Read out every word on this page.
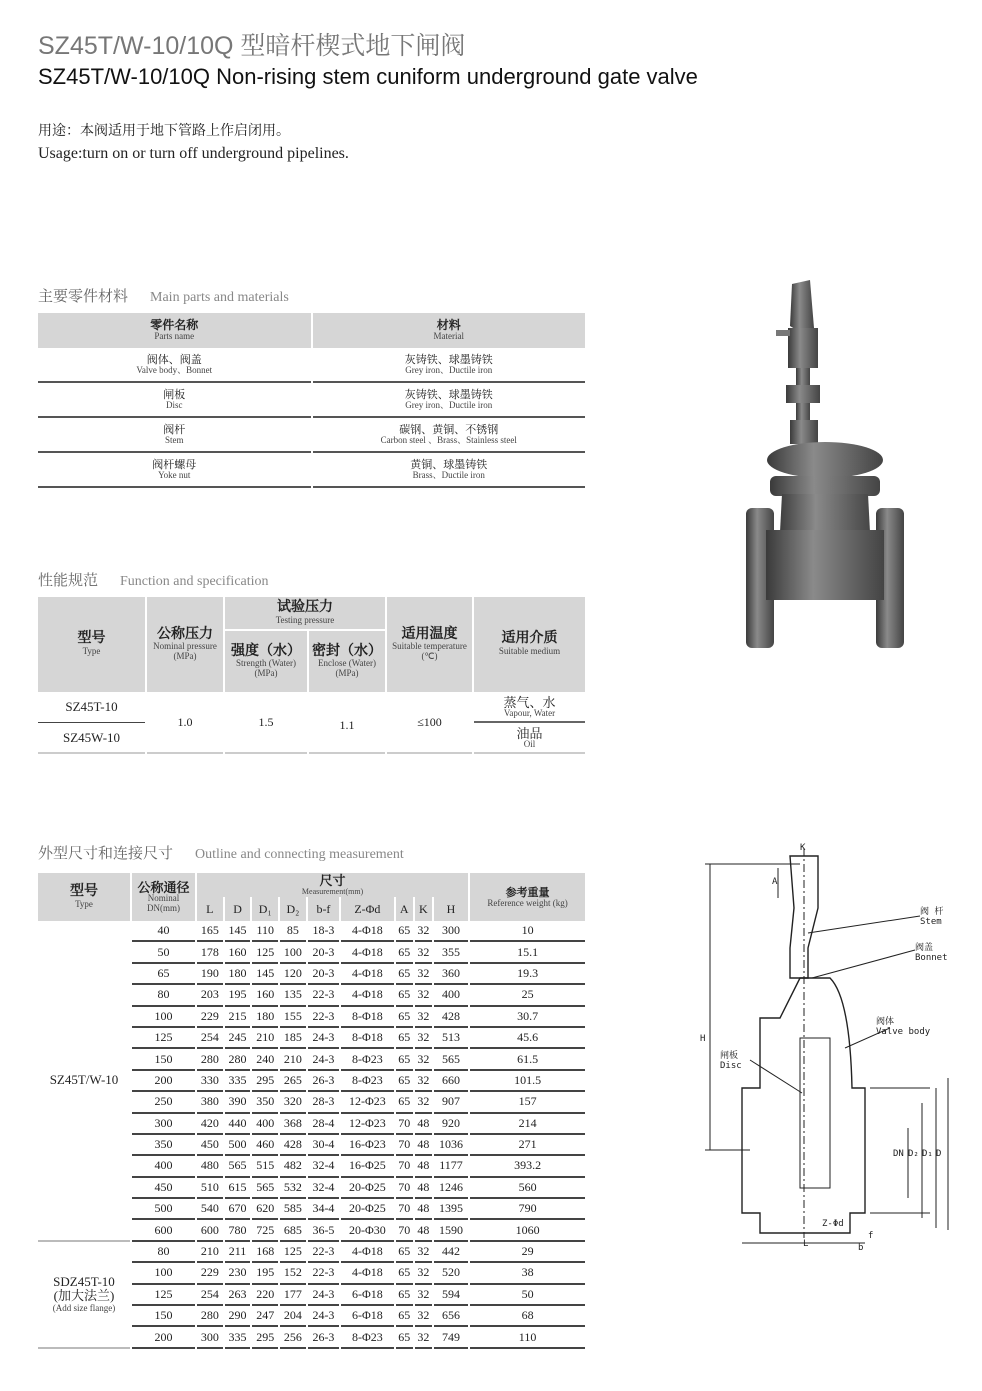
SZ45T/W-10/10Q 型暗杆楔式地下闸阀
SZ45T/W-10/10Q Non-rising stem cuniform underground gate valve
用途：本阀适用于地下管路上作启闭用。
Usage:turn on or turn off underground pipelines.
主要零件材料 Main parts and materials
零件名称
Parts name	材料
Material

阀体、阀盖
Valve body、Bonnet	灰铸铁、球墨铸铁
Grey iron、Ductile iron

闸板
Disc	灰铸铁、球墨铸铁
Grey iron、Ductile iron

阀杆
Stem	碳钢、黄铜、不锈钢
Carbon steel 、Brass、Stainless steel

阀杆螺母
Yoke nut	黄铜、球墨铸铁
Brass、Ductile iron
性能规范 Function and specification
型号
Type	公称压力
Nominal pressure (MPa)	试验压力
Testing pressure		适用温度
Suitable temperature (℃)	适用介质
Suitable medium

		强度（水）
Strength (Water) (MPa)	密封（水）
Enclose (Water) (MPa)		

SZ45T-10	1.0	1.5	1.1	≤100	蒸气、水
Vapour, Water

SZ45W-10					油品
Oil
外型尺寸和连接尺寸 Outline and connecting measurement
型号
Type	公称通径
Nominal DN(mm)	尺寸
Measurement(mm)									参考重量
Reference weight (kg)

		L	D	D₁	D₂	b-f	Z-Φd	A	K	H	

SZ45T/W-10	40	165	145	110	85	18-3	4-Φ18	65	32	300	10
	50	178	160	125	100	20-3	4-Φ18	65	32	355	15.1
	65	190	180	145	120	20-3	4-Φ18	65	32	360	19.3
	80	203	195	160	135	22-3	4-Φ18	65	32	400	25
	100	229	215	180	155	22-3	8-Φ18	65	32	428	30.7
	125	254	245	210	185	24-3	8-Φ18	65	32	513	45.6
	150	280	280	240	210	24-3	8-Φ23	65	32	565	61.5
	200	330	335	295	265	26-3	8-Φ23	65	32	660	101.5
	250	380	390	350	320	28-3	12-Φ23	65	32	907	157
	300	420	440	400	368	28-4	12-Φ23	70	48	920	214
	350	450	500	460	428	30-4	16-Φ23	70	48	1036	271
	400	480	565	515	482	32-4	16-Φ25	70	48	1177	393.2
	450	510	615	565	532	32-4	20-Φ25	70	48	1246	560
	500	540	670	620	585	34-4	20-Φ25	70	48	1395	790
	600	600	780	725	685	36-5	20-Φ30	70	48	1590	1060

SDZ45T-10
(加大法兰)
(Add size flange)	80	210	211	168	125	22-3	4-Φ18	65	32	442	29
	100	229	230	195	152	22-3	4-Φ18	65	32	520	38
	125	254	263	220	177	24-3	6-Φ18	65	32	594	50
	150	280	290	247	204	24-3	6-Φ18	65	32	656	68
	200	300	335	295	256	26-3	8-Φ23	65	32	749	110
K
A
H
DN D₂ D₁ D
L
Z-Φd
f
b
阀 杆
Stem
阀盖
Bonnet
阀体
Valve body
闸板
Disc
